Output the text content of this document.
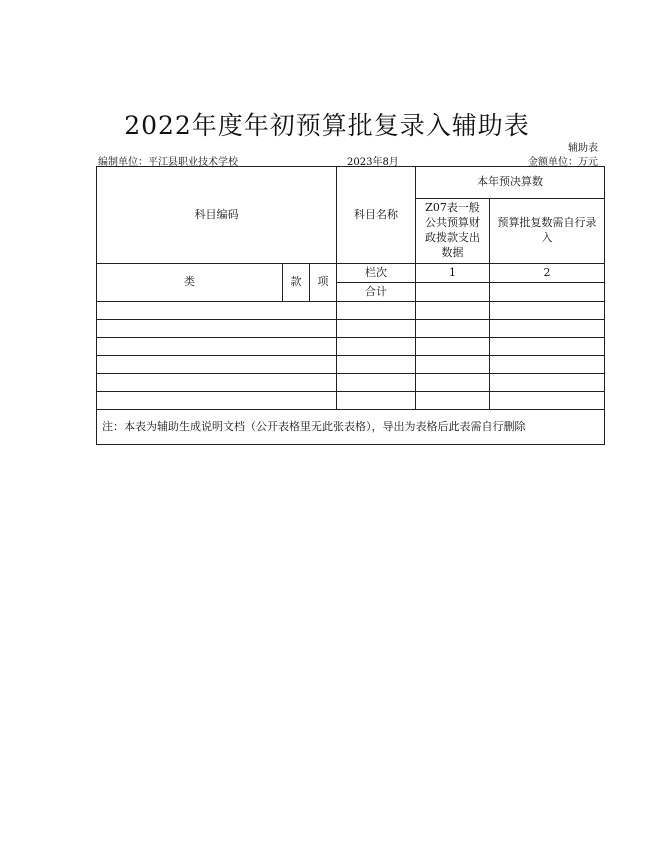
2022年度年初预算批复录入辅助表
辅助表
编制单位：平江县职业技术学校	2023年8月	金额单位：万元
科目编码			科目名称	本年预决算数	
				Z07表一般公共预算财政拨款支出数据	预算批复数需自行录入
类	款	项	栏次	1	2
			合计		

注：本表为辅助生成说明文档（公开表格里无此张表格），导出为表格后此表需自行删除					
